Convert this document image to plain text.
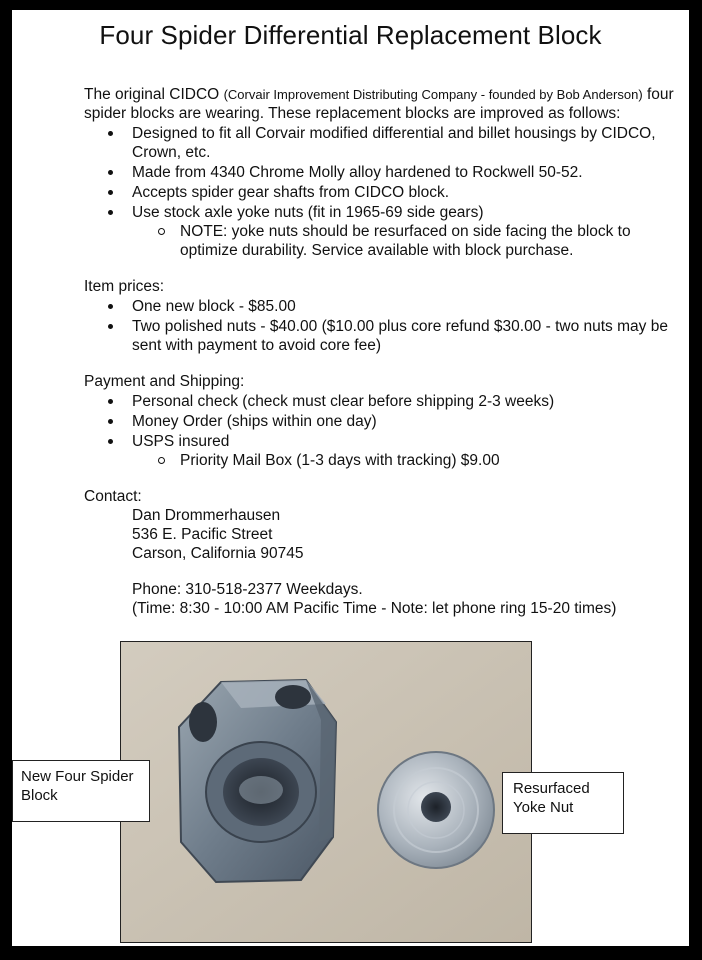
Four Spider Differential Replacement Block

The original CIDCO (Corvair Improvement Distributing Company - founded by Bob Anderson) four spider blocks are wearing. These replacement blocks are improved as follows:

Designed to fit all Corvair modified differential and billet housings by CIDCO, Crown, etc.
Made from 4340 Chrome Molly alloy hardened to Rockwell 50-52.
Accepts spider gear shafts from CIDCO block.
Use stock axle yoke nuts (fit in 1965-69 side gears)
NOTE: yoke nuts should be resurfaced on side facing the block to optimize durability. Service available with block purchase.

Item prices:

One new block - $85.00
Two polished nuts - $40.00 ($10.00 plus core refund $30.00 - two nuts may be sent with payment to avoid core fee)

Payment and Shipping:

Personal check (check must clear before shipping 2-3 weeks)
Money Order (ships within one day)
USPS insured
Priority Mail Box (1-3 days with tracking) $9.00

Contact:

Dan Drommerhausen
536 E. Pacific Street
Carson, California 90745
Phone: 310-518-2377 Weekdays.
(Time: 8:30 - 10:00 AM Pacific Time - Note: let phone ring 15-20 times)
New Four Spider Block	Resurfaced Yoke Nut
